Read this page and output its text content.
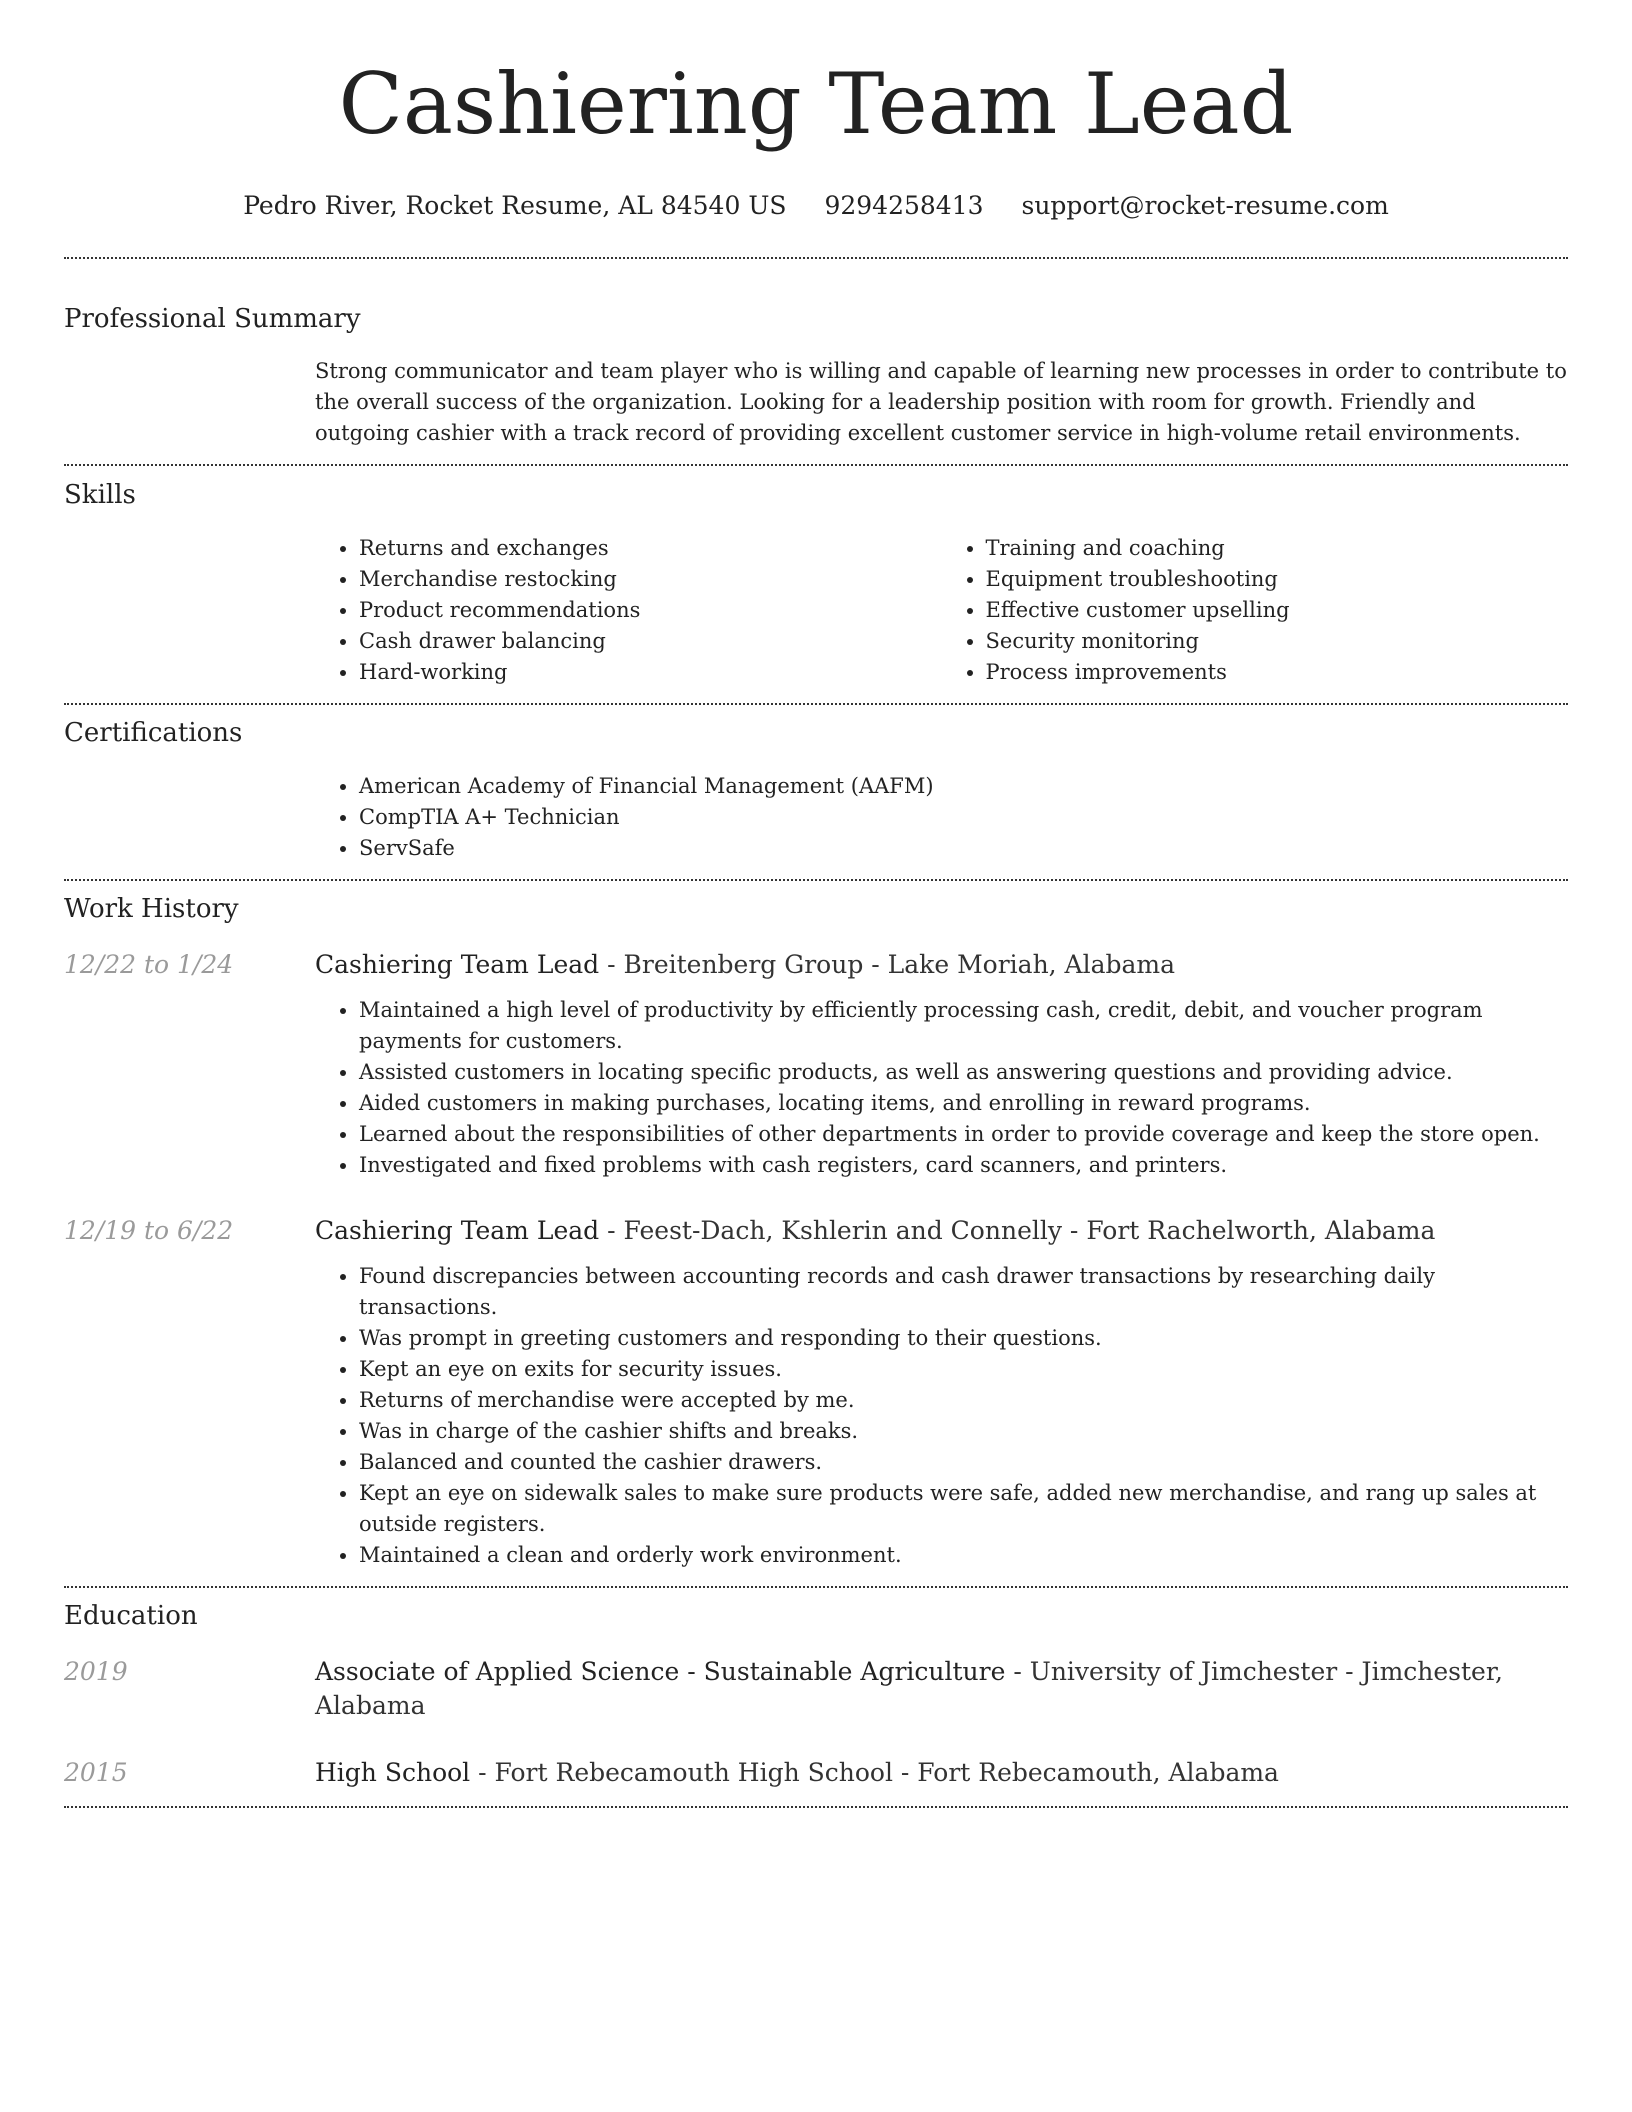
Cashiering Team Lead
Pedro River, Rocket Resume, AL 84540 US 9294258413 support@rocket-resume.com
Professional Summary
Strong communicator and team player who is willing and capable of learning new processes in order to contribute to the overall success of the organization. Looking for a leadership position with room for growth. Friendly and outgoing cashier with a track record of providing excellent customer service in high-volume retail environments.
Skills
• Returns and exchanges
• Merchandise restocking
• Product recommendations
• Cash drawer balancing
• Hard-working
• Training and coaching
• Equipment troubleshooting
• Effective customer upselling
• Security monitoring
• Process improvements
Certifications
• American Academy of Financial Management (AAFM)
• CompTIA A+ Technician
• ServSafe
Work History
12/22 to 1/24	Cashiering Team Lead - Breitenberg Group - Lake Moriah, Alabama
• Maintained a high level of productivity by efficiently processing cash, credit, debit, and voucher program payments for customers.
• Assisted customers in locating specific products, as well as answering questions and providing advice.
• Aided customers in making purchases, locating items, and enrolling in reward programs.
• Learned about the responsibilities of other departments in order to provide coverage and keep the store open.
• Investigated and fixed problems with cash registers, card scanners, and printers.
12/19 to 6/22	Cashiering Team Lead - Feest-Dach, Kshlerin and Connelly - Fort Rachelworth, Alabama
• Found discrepancies between accounting records and cash drawer transactions by researching daily transactions.
• Was prompt in greeting customers and responding to their questions.
• Kept an eye on exits for security issues.
• Returns of merchandise were accepted by me.
• Was in charge of the cashier shifts and breaks.
• Balanced and counted the cashier drawers.
• Kept an eye on sidewalk sales to make sure products were safe, added new merchandise, and rang up sales at outside registers.
• Maintained a clean and orderly work environment.
Education
2019	Associate of Applied Science - Sustainable Agriculture - University of Jimchester - Jimchester, Alabama
2015	High School - Fort Rebecamouth High School - Fort Rebecamouth, Alabama
